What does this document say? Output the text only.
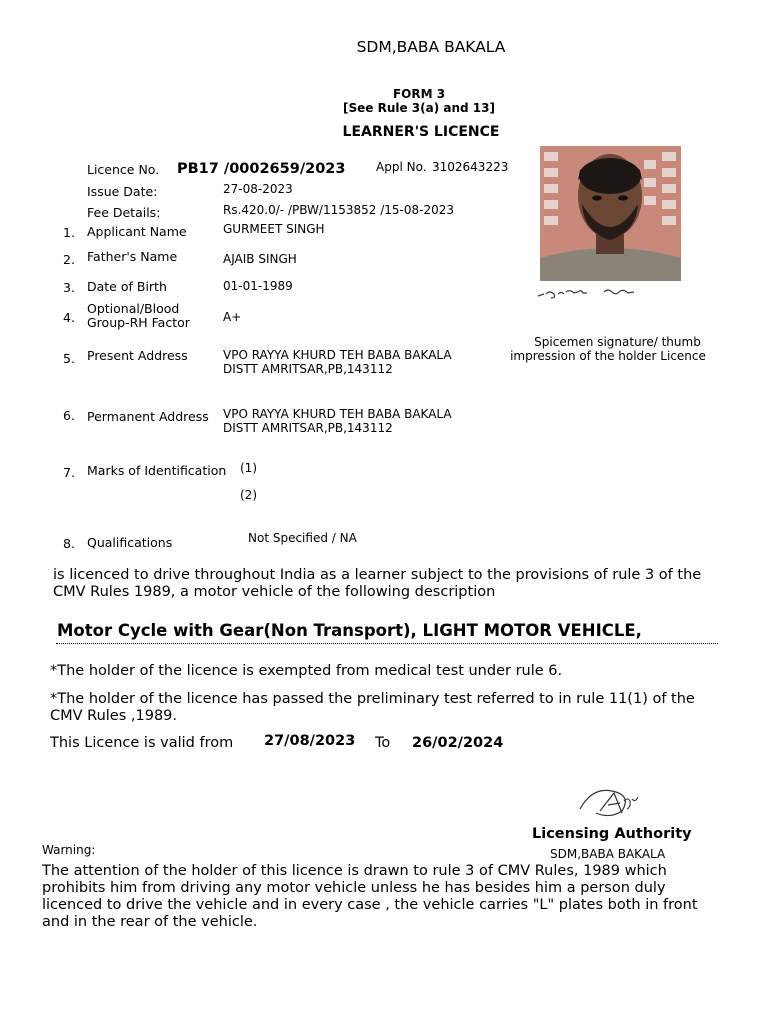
SDM,BABA BAKALA
FORM 3
[See Rule 3(a) and 13]
LEARNER'S LICENCE
Licence No. PB17 /0002659/2023	Appl No. 3102643223
Issue Date:	27-08-2023
Fee Details:	Rs.420.0/- /PBW/1153852 /15-08-2023
1. Applicant Name	GURMEET SINGH
2. Father's Name	AJAIB SINGH
3. Date of Birth	01-01-1989
4.
Optional/Blood
Group-RH Factor	A+
5. Present Address	VPO RAYYA KHURD TEH BABA BAKALA
DISTT AMRITSAR,PB,143112
6. Permanent Address VPO RAYYA KHURD TEH BABA BAKALA
DISTT AMRITSAR,PB,143112
7. Marks of Identification (1)
(2)
8. Qualifications	Not Specified / NA
Spicemen signature/ thumb
impression of the holder Licence
is licenced to drive throughout India as a learner subject to the provisions of rule 3 of the CMV Rules 1989, a motor vehicle of the following description
Motor Cycle with Gear(Non Transport), LIGHT MOTOR VEHICLE,
*The holder of the licence is exempted from medical test under rule 6.
*The holder of the licence has passed the preliminary test referred to in rule 11(1) of the CMV Rules ,1989.
This Licence is valid from 27/08/2023 To 26/02/2024
Licensing Authority
SDM,BABA BAKALA
Warning:
The attention of the holder of this licence is drawn to rule 3 of CMV Rules, 1989 which prohibits him from driving any motor vehicle unless he has besides him a person duly licenced to drive the vehicle and in every case , the vehicle carries "L" plates both in front and in the rear of the vehicle.
